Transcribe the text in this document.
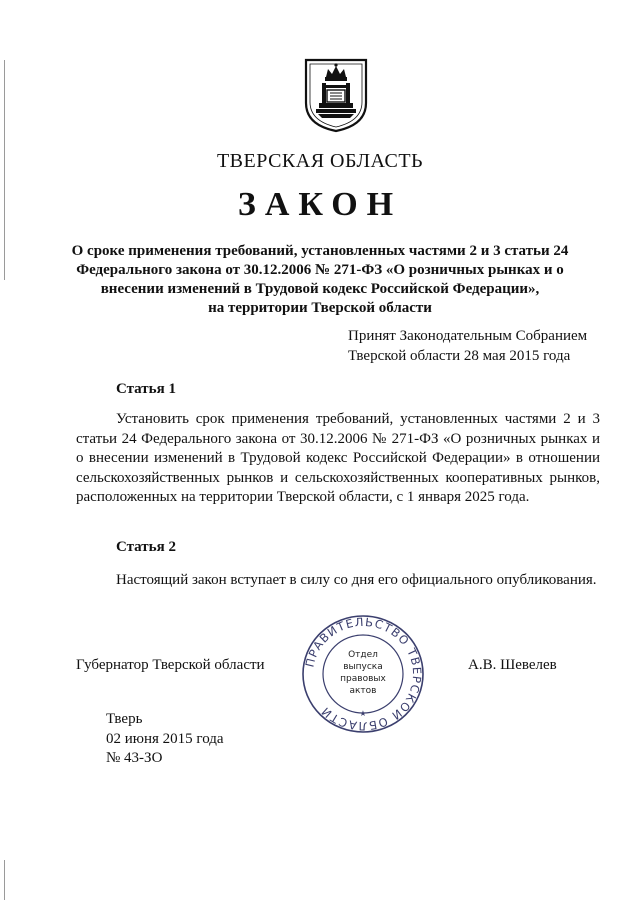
ТВЕРСКАЯ ОБЛАСТЬ
ЗАКОН
О сроке применения требований, установленных частями 2 и 3 статьи 24
Федерального закона от 30.12.2006 № 271-ФЗ «О розничных рынках и о
внесении изменений в Трудовой кодекс Российской Федерации»,
на территории Тверской области
Принят Законодательным Собранием
Тверской области 28 мая 2015 года
Статья 1
Установить срок применения требований, установленных частями 2 и 3 статьи 24 Федерального закона от 30.12.2006 № 271-ФЗ «О розничных рынках и о внесении изменений в Трудовой кодекс Российской Федерации» в отношении сельскохозяйственных рынков и сельскохозяйственных кооперативных рынков, расположенных на территории Тверской области, с 1 января 2025 года.
Статья 2
Настоящий закон вступает в силу со дня его официального опубликования.
Губернатор Тверской области	А.В. Шевелев
ПРАВИТЕЛЬСТВО ТВЕРСКОЙ ОБЛАСТИ	★
Отдел
выпуска
правовых
актов
Тверь
02 июня 2015 года
№ 43-ЗО
